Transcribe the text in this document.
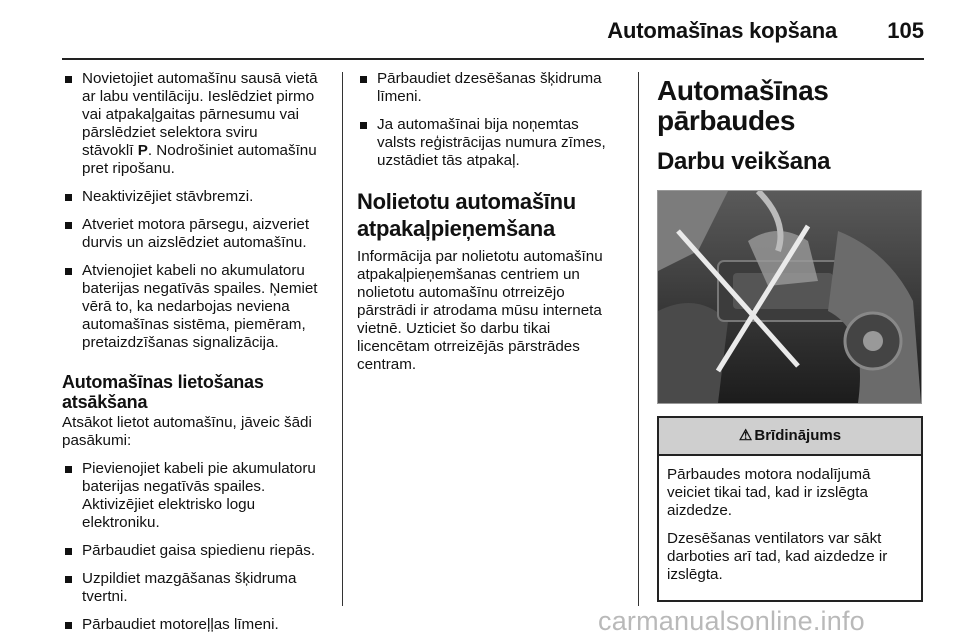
Automašīnas kopšana 105
Novietojiet automašīnu sausā vietā
ar labu ventilāciju. Ieslēdziet pirmo
vai atpakaļgaitas pārnesumu vai
pārslēdziet selektora sviru
stāvoklī P. Nodrošiniet automašīnu
pret ripošanu.
Neaktivizējiet stāvbremzi.
Atveriet motora pārsegu, aizveriet
durvis un aizslēdziet automašīnu.
Atvienojiet kabeli no akumulatoru
baterijas negatīvās spailes. Ņemiet
vērā to, ka nedarbojas neviena
automašīnas sistēma, piemēram,
pretaizdzīšanas signalizācija.
Automašīnas lietošanas
atsākšana
Atsākot lietot automašīnu, jāveic šādi
pasākumi:
Pievienojiet kabeli pie akumulatoru
baterijas negatīvās spailes.
Aktivizējiet elektrisko logu
elektroniku.
Pārbaudiet gaisa spiedienu riepās.
Uzpildiet mazgāšanas šķidruma
tvertni.
Pārbaudiet motoreļļas līmeni.
Pārbaudiet dzesēšanas šķidruma
līmeni.
Ja automašīnai bija noņemtas
valsts reģistrācijas numura zīmes,
uzstādiet tās atpakaļ.
Nolietotu automašīnu
atpakaļpieņemšana
Informācija par nolietotu automašīnu
atpakaļpieņemšanas centriem un
nolietotu automašīnu otrreizējo
pārstrādi ir atrodama mūsu interneta
vietnē. Uzticiet šo darbu tikai
licencētam otrreizējās pārstrādes
centram.
Automašīnas
pārbaudes
Darbu veikšana
⚠ Brīdinājums

Pārbaudes motora nodalījumā
veiciet tikai tad, kad ir izslēgta
aizdedze.

Dzesēšanas ventilators var sākt
darboties arī tad, kad aizdedze ir
izslēgta.

carmanualsonline.info
